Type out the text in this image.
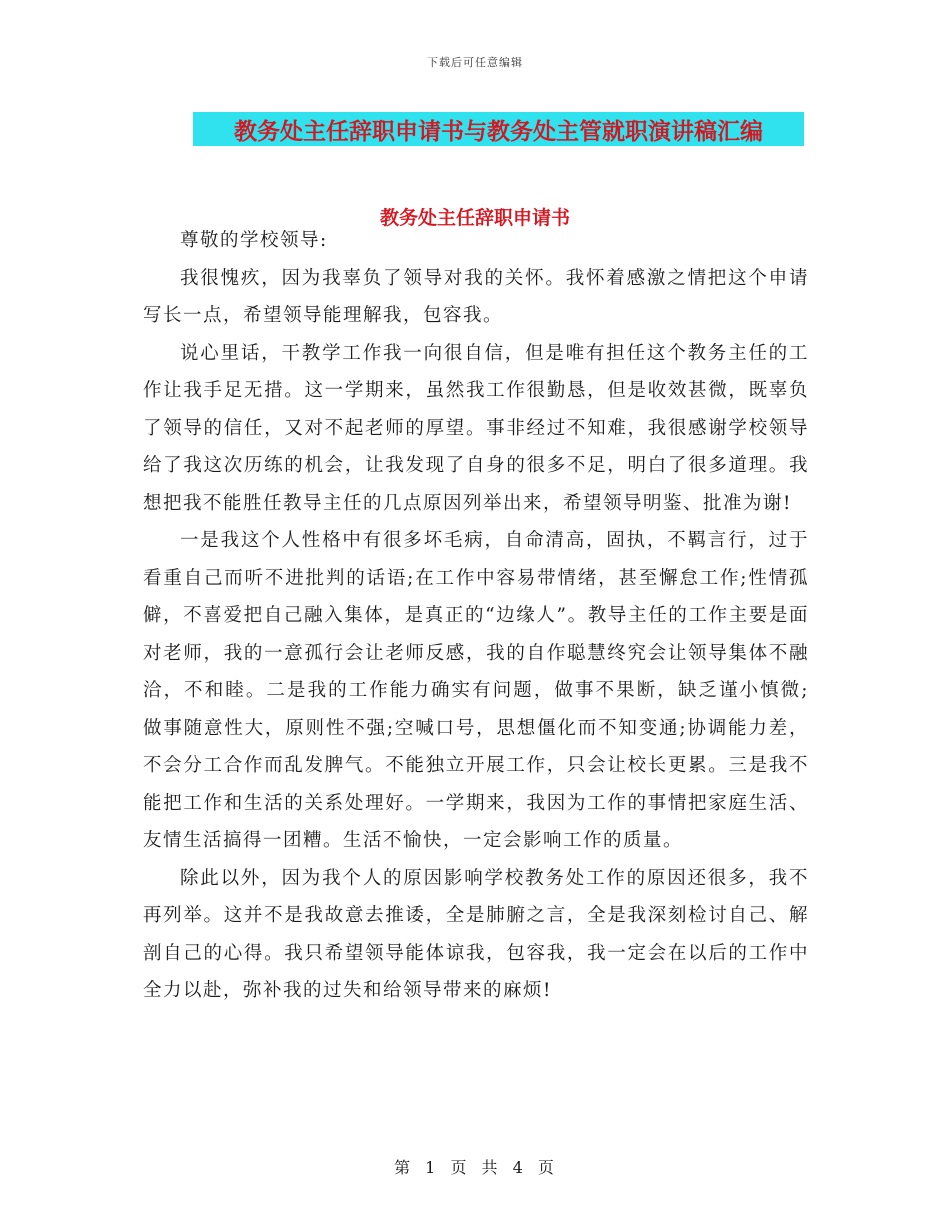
下载后可任意编辑
教务处主任辞职申请书与教务处主管就职演讲稿汇编
教务处主任辞职申请书

尊敬的学校领导:

我很愧疚，因为我辜负了领导对我的关怀。我怀着感激之情把这个申请写长一点，希望领导能理解我，包容我。

说心里话，干教学工作我一向很自信，但是唯有担任这个教务主任的工作让我手足无措。这一学期来，虽然我工作很勤恳，但是收效甚微，既辜负了领导的信任，又对不起老师的厚望。事非经过不知难，我很感谢学校领导给了我这次历练的机会，让我发现了自身的很多不足，明白了很多道理。我想把我不能胜任教导主任的几点原因列举出来，希望领导明鉴、批准为谢!

一是我这个人性格中有很多坏毛病，自命清高，固执，不羁言行，过于看重自己而听不进批判的话语;在工作中容易带情绪，甚至懈怠工作;性情孤僻，不喜爱把自己融入集体，是真正的“边缘人”。教导主任的工作主要是面对老师，我的一意孤行会让老师反感，我的自作聪慧终究会让领导集体不融洽，不和睦。二是我的工作能力确实有问题，做事不果断，缺乏谨小慎微;做事随意性大，原则性不强;空喊口号，思想僵化而不知变通;协调能力差，不会分工合作而乱发脾气。不能独立开展工作，只会让校长更累。三是我不能把工作和生活的关系处理好。一学期来，我因为工作的事情把家庭生活、友情生活搞得一团糟。生活不愉快，一定会影响工作的质量。

除此以外，因为我个人的原因影响学校教务处工作的原因还很多，我不再列举。这并不是我故意去推诿，全是肺腑之言，全是我深刻检讨自己、解剖自己的心得。我只希望领导能体谅我，包容我，我一定会在以后的工作中全力以赴，弥补我的过失和给领导带来的麻烦!

第 1 页 共 4 页
